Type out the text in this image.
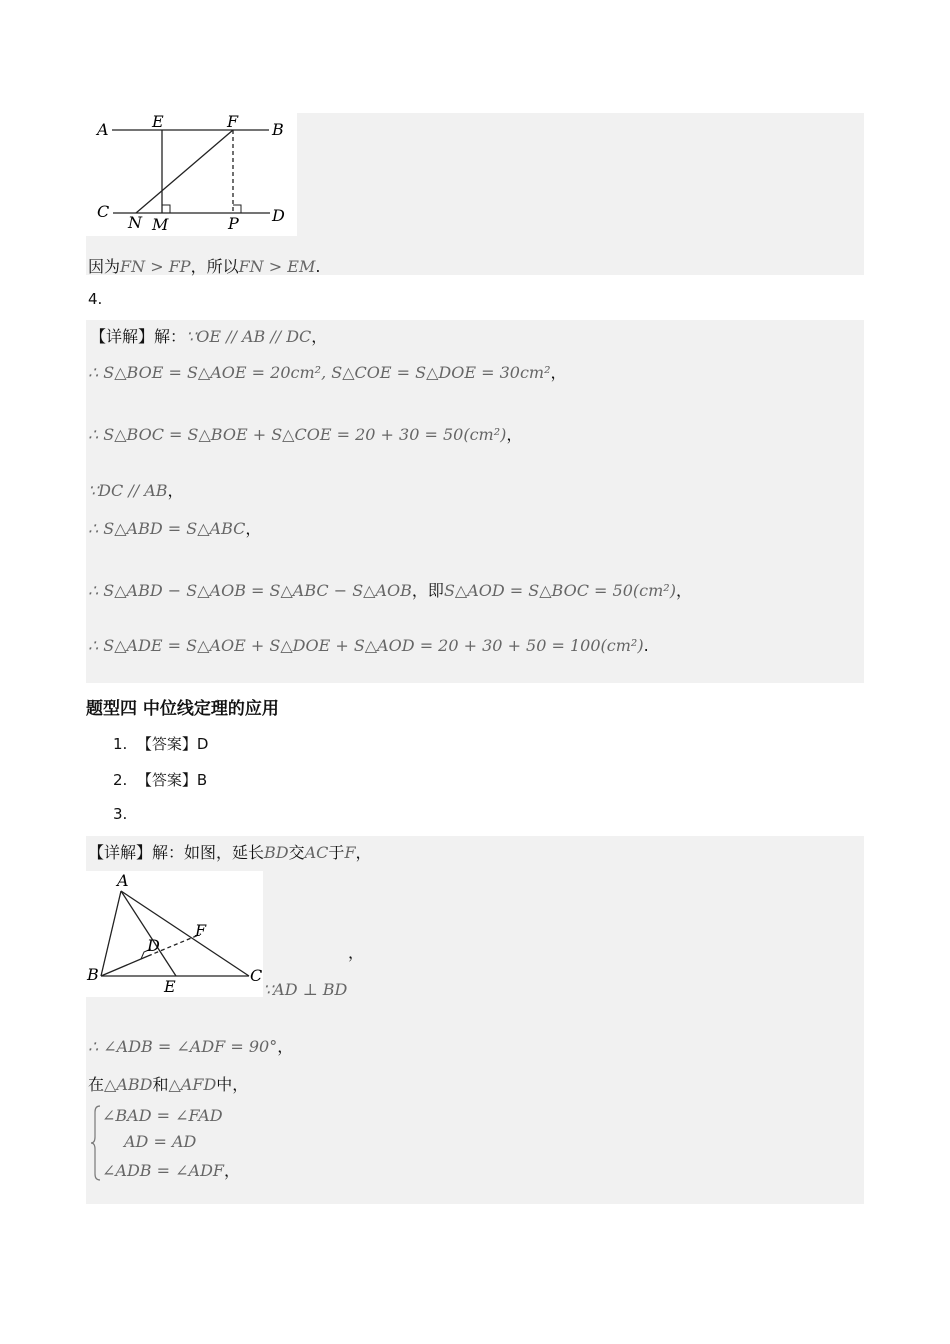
A	B
C	D
E	F
N M	P
因为FN > FP，所以FN > EM.
4.
【详解】解：∵OE // AB // DC，
∴ S△BOE = S△AOE = 20cm², S△COE = S△DOE = 30cm²，
∴ S△BOC = S△BOE + S△COE = 20 + 30 = 50(cm²)，
∵DC // AB，
∴ S△ABD = S△ABC，
∴ S△ABD − S△AOB = S△ABC − S△AOB，即S△AOD = S△BOC = 50(cm²)，
∴ S△ADE = S△AOE + S△DOE + S△AOD = 20 + 30 + 50 = 100(cm²).
题型四 中位线定理的应用
1. 【答案】D
2. 【答案】B
3.
【详解】解：如图，延长BD交AC于F，
A
B	C
D
E
F
，
∵AD ⊥ BD
∴ ∠ADB = ∠ADF = 90°，
在△ABD和△AFD中，
∠BAD = ∠FAD
AD = AD
∠ADB = ∠ADF，
